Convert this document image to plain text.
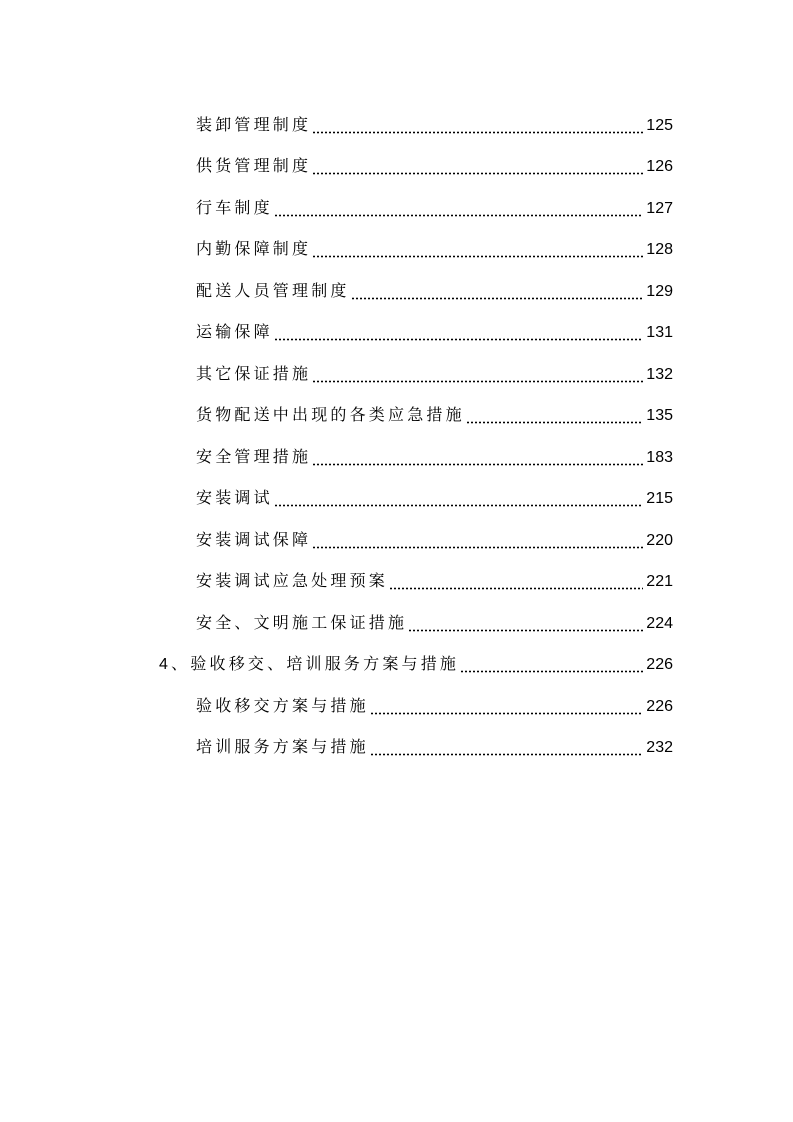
装卸管理制度	125
供货管理制度	126
行车制度	127
内勤保障制度	128
配送人员管理制度	129
运输保障	131
其它保证措施	132
货物配送中出现的各类应急措施	135
安全管理措施	183
安装调试	215
安装调试保障	220
安装调试应急处理预案	221
安全、文明施工保证措施	224
4、验收移交、培训服务方案与措施	226
验收移交方案与措施	226
培训服务方案与措施	232
